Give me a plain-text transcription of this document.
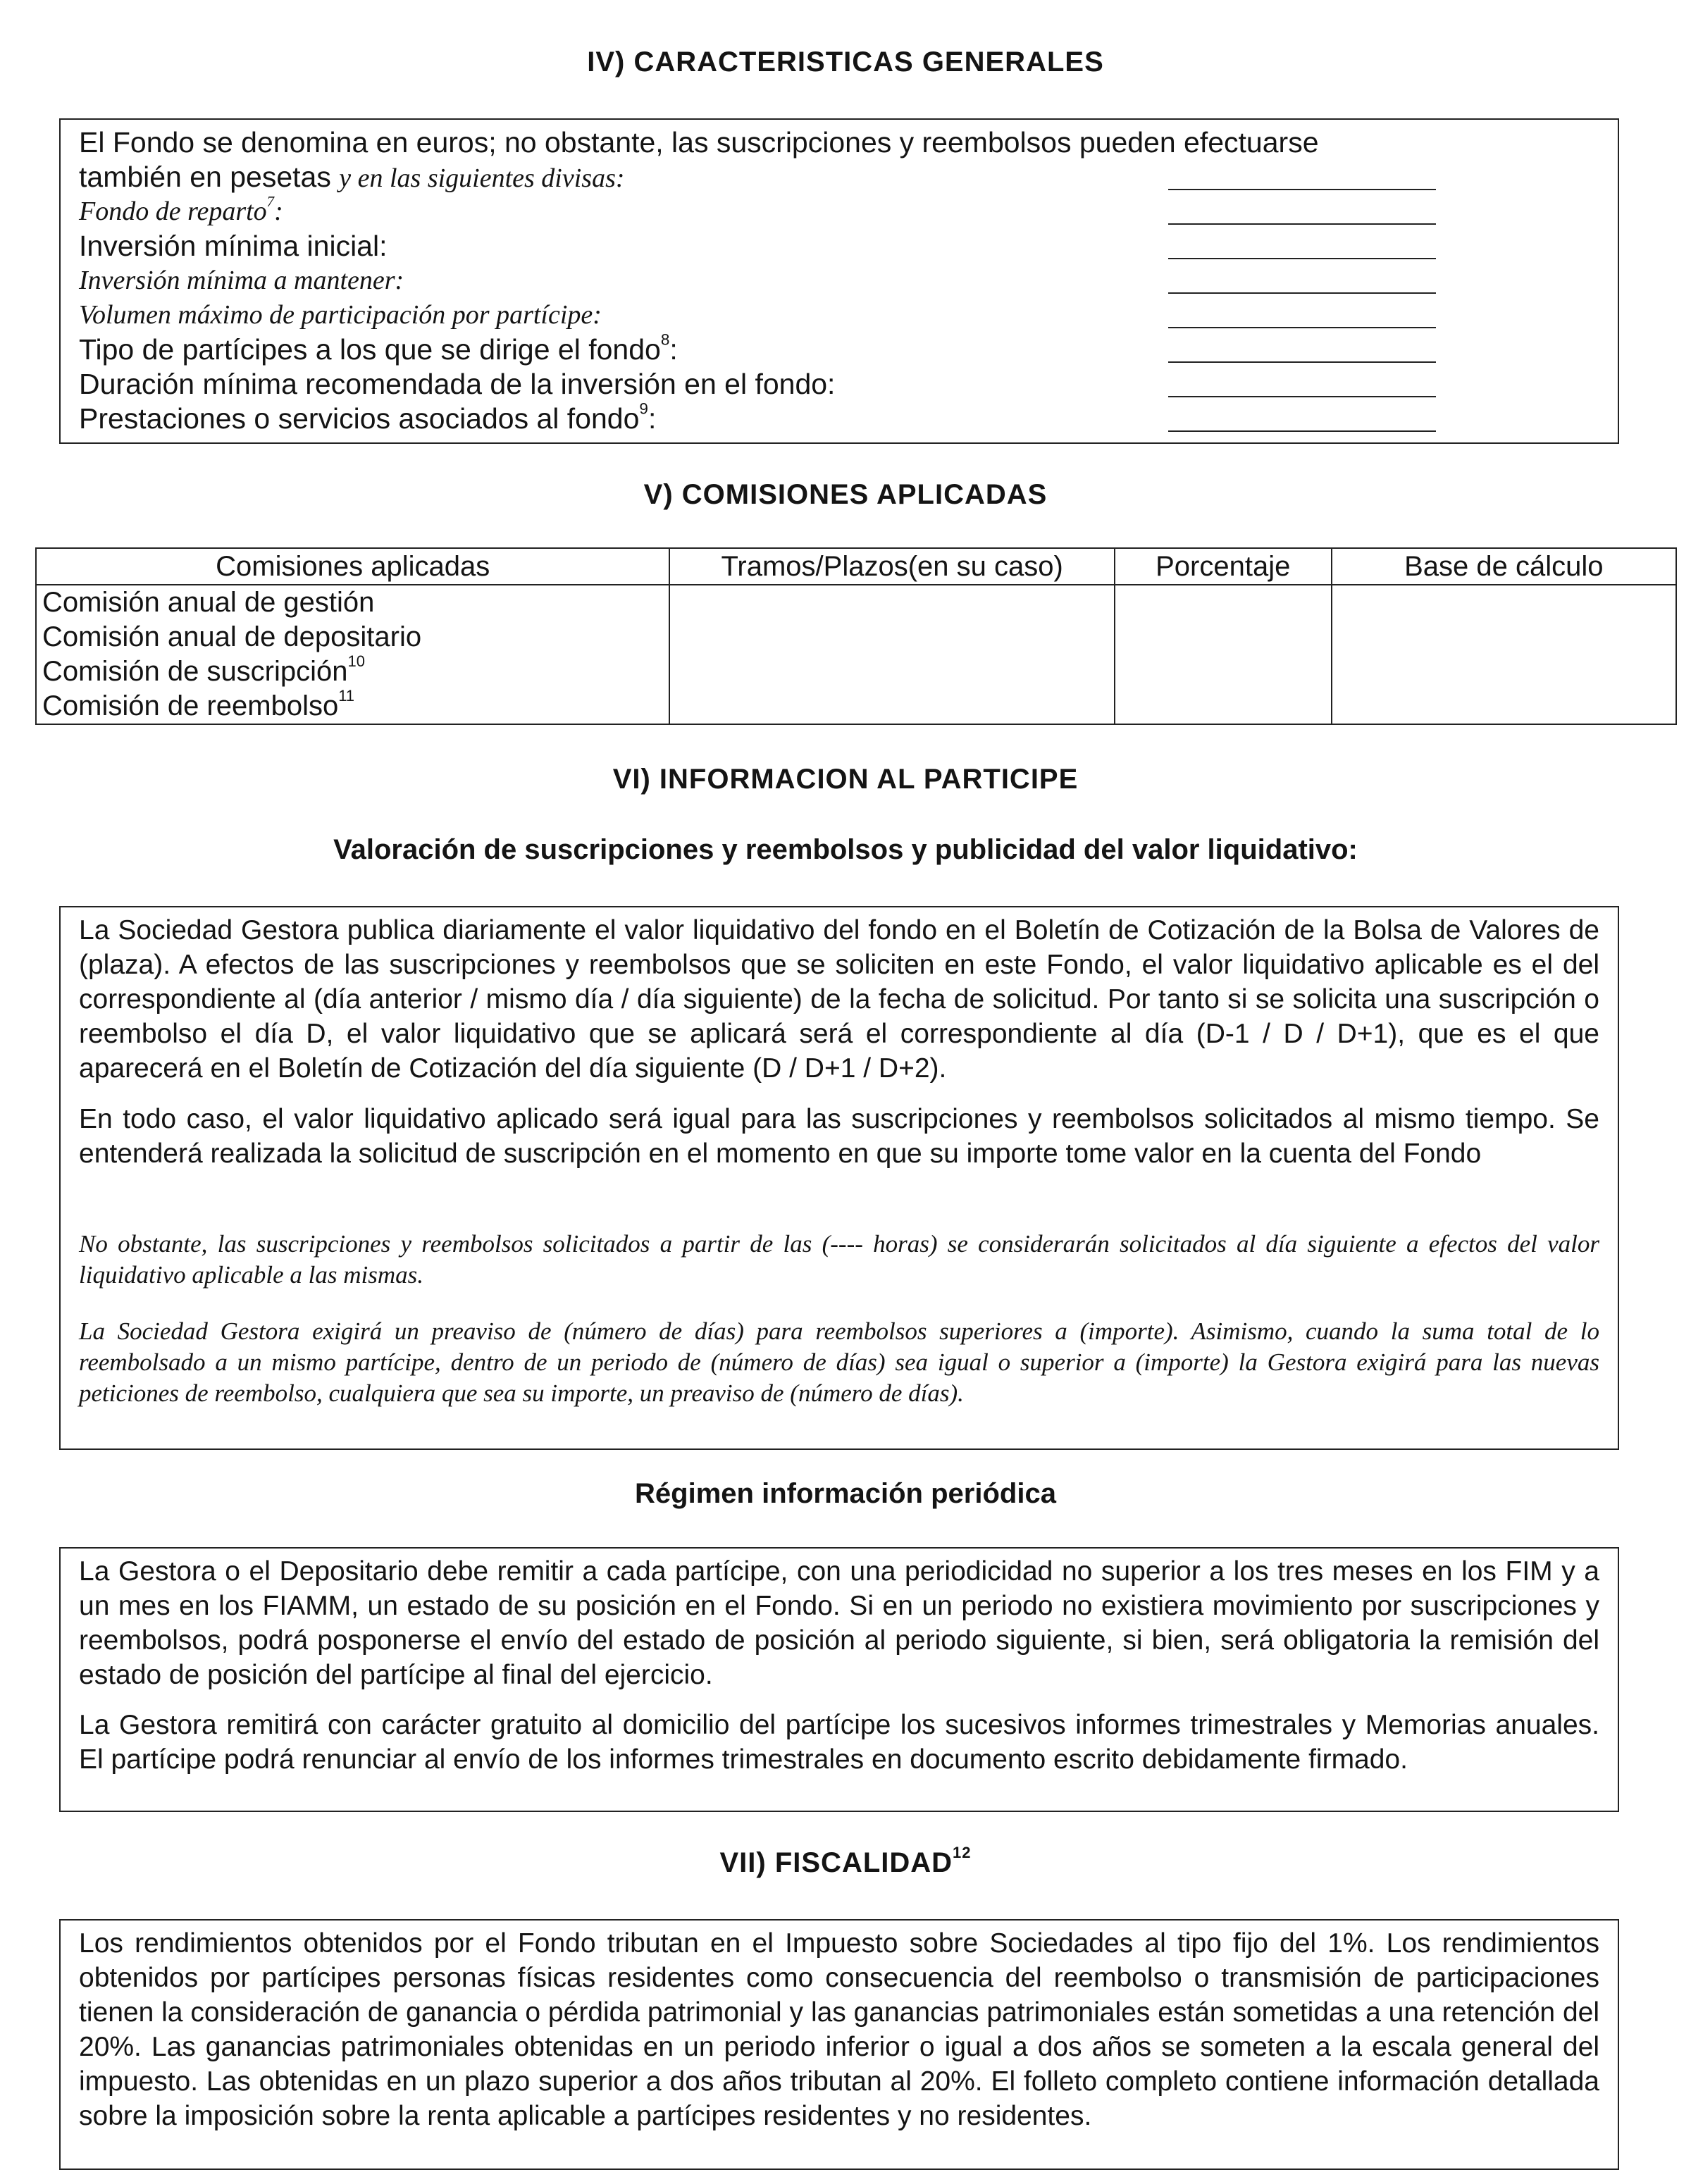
IV) CARACTERISTICAS GENERALES
El Fondo se denomina en euros; no obstante, las suscripciones y reembolsos pueden efectuarse
también en pesetas y en las siguientes divisas:
Fondo de reparto$^7$:
Inversión mínima inicial:
Inversión mínima a mantener:
Volumen máximo de participación por partícipe:
Tipo de partícipes a los que se dirige el fondo$^8$:
Duración mínima recomendada de la inversión en el fondo:
Prestaciones o servicios asociados al fondo$^9$:
V) COMISIONES APLICADAS
Comisiones aplicadas	Tramos/Plazos(en su caso)	Porcentaje	Base de cálculo

Comisión anual de gestión
Comisión anual de depositario
Comisión de suscripción$^{10}$
Comisión de reembolso$^{11}$

VI) INFORMACION AL PARTICIPE
Valoración de suscripciones y reembolsos y publicidad del valor liquidativo:
La Sociedad Gestora publica diariamente el valor liquidativo del fondo en el Boletín de Cotización de la Bolsa de Valores de (plaza). A efectos de las suscripciones y reembolsos que se soliciten en este Fondo, el valor liquidativo aplicable es el del correspondiente al (día anterior / mismo día / día siguiente) de la fecha de solicitud. Por tanto si se solicita una suscripción o reembolso el día D, el valor liquidativo que se aplicará será el correspondiente al día (D-1 / D / D+1), que es el que aparecerá en el Boletín de Cotización del día siguiente (D / D+1 / D+2).
En todo caso, el valor liquidativo aplicado será igual para las suscripciones y reembolsos solicitados al mismo tiempo. Se entenderá realizada la solicitud de suscripción en el momento en que su importe tome valor en la cuenta del Fondo
No obstante, las suscripciones y reembolsos solicitados a partir de las (---- horas) se considerarán solicitados al día siguiente a efectos del valor liquidativo aplicable a las mismas.
La Sociedad Gestora exigirá un preaviso de (número de días) para reembolsos superiores a (importe). Asimismo, cuando la suma total de lo reembolsado a un mismo partícipe, dentro de un periodo de (número de días) sea igual o superior a (importe) la Gestora exigirá para las nuevas peticiones de reembolso, cualquiera que sea su importe, un preaviso de (número de días).
Régimen información periódica
La Gestora o el Depositario debe remitir a cada partícipe, con una periodicidad no superior a los tres meses en los FIM y a un mes en los FIAMM, un estado de su posición en el Fondo. Si en un periodo no existiera movimiento por suscripciones y reembolsos, podrá posponerse el envío del estado de posición al periodo siguiente, si bien, será obligatoria la remisión del estado de posición del partícipe al final del ejercicio.
La Gestora remitirá con carácter gratuito al domicilio del partícipe los sucesivos informes trimestrales y Memorias anuales. El partícipe podrá renunciar al envío de los informes trimestrales en documento escrito debidamente firmado.
VII) FISCALIDAD$^{12}$
Los rendimientos obtenidos por el Fondo tributan en el Impuesto sobre Sociedades al tipo fijo del 1%. Los rendimientos obtenidos por partícipes personas físicas residentes como consecuencia del reembolso o transmisión de participaciones tienen la consideración de ganancia o pérdida patrimonial y las ganancias patrimoniales están sometidas a una retención del 20%. Las ganancias patrimoniales obtenidas en un periodo inferior o igual a dos años se someten a la escala general del impuesto. Las obtenidas en un plazo superior a dos años tributan al 20%. El folleto completo contiene información detallada sobre la imposición sobre la renta aplicable a partícipes residentes y no residentes.
